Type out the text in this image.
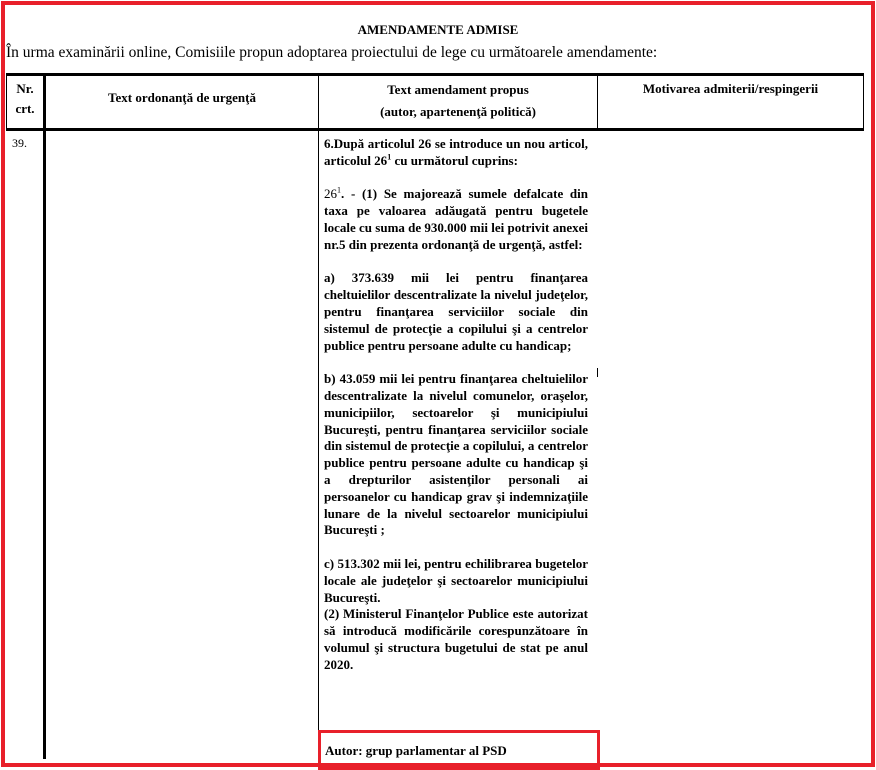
AMENDAMENTE ADMISE
În urma examinării online, Comisiile propun adoptarea proiectului de lege cu următoarele amendamente:
Nr.
crt.
Text ordonanţă de urgenţă
Text amendament propus
(autor, apartenenţă politică)
Motivarea admiterii/respingerii
39.	6.După articolul 26 se introduce un nou articol, articolul $26^1$ cu următorul cuprins:

$26^1$. - (1) Se majorează sumele defalcate din taxa pe valoarea adăugată pentru bugetele locale cu suma de 930.000 mii lei potrivit anexei nr.5 din prezenta ordonanţă de urgenţă, astfel:

a) 373.639 mii lei pentru finanţarea cheltuielilor descentralizate la nivelul judeţelor, pentru finanţarea serviciilor sociale din sistemul de protecţie a copilului şi a centrelor publice pentru persoane adulte cu handicap;

b) 43.059 mii lei pentru finanţarea cheltuielilor descentralizate la nivelul comunelor, oraşelor, municipiilor, sectoarelor şi municipiului Bucureşti, pentru finanţarea serviciilor sociale din sistemul de protecţie a copilului, a centrelor publice pentru persoane adulte cu handicap şi a drepturilor asistenţilor personali ai persoanelor cu handicap grav şi indemnizaţiile lunare de la nivelul sectoarelor municipiului Bucureşti ;

c) 513.302 mii lei, pentru echilibrarea bugetelor locale ale judeţelor şi sectoarelor municipiului Bucureşti.

(2) Ministerul Finanţelor Publice este autorizat să introducă modificările corespunzătoare în volumul şi structura bugetului de stat pe anul 2020.

Autor: grup parlamentar al PSD
